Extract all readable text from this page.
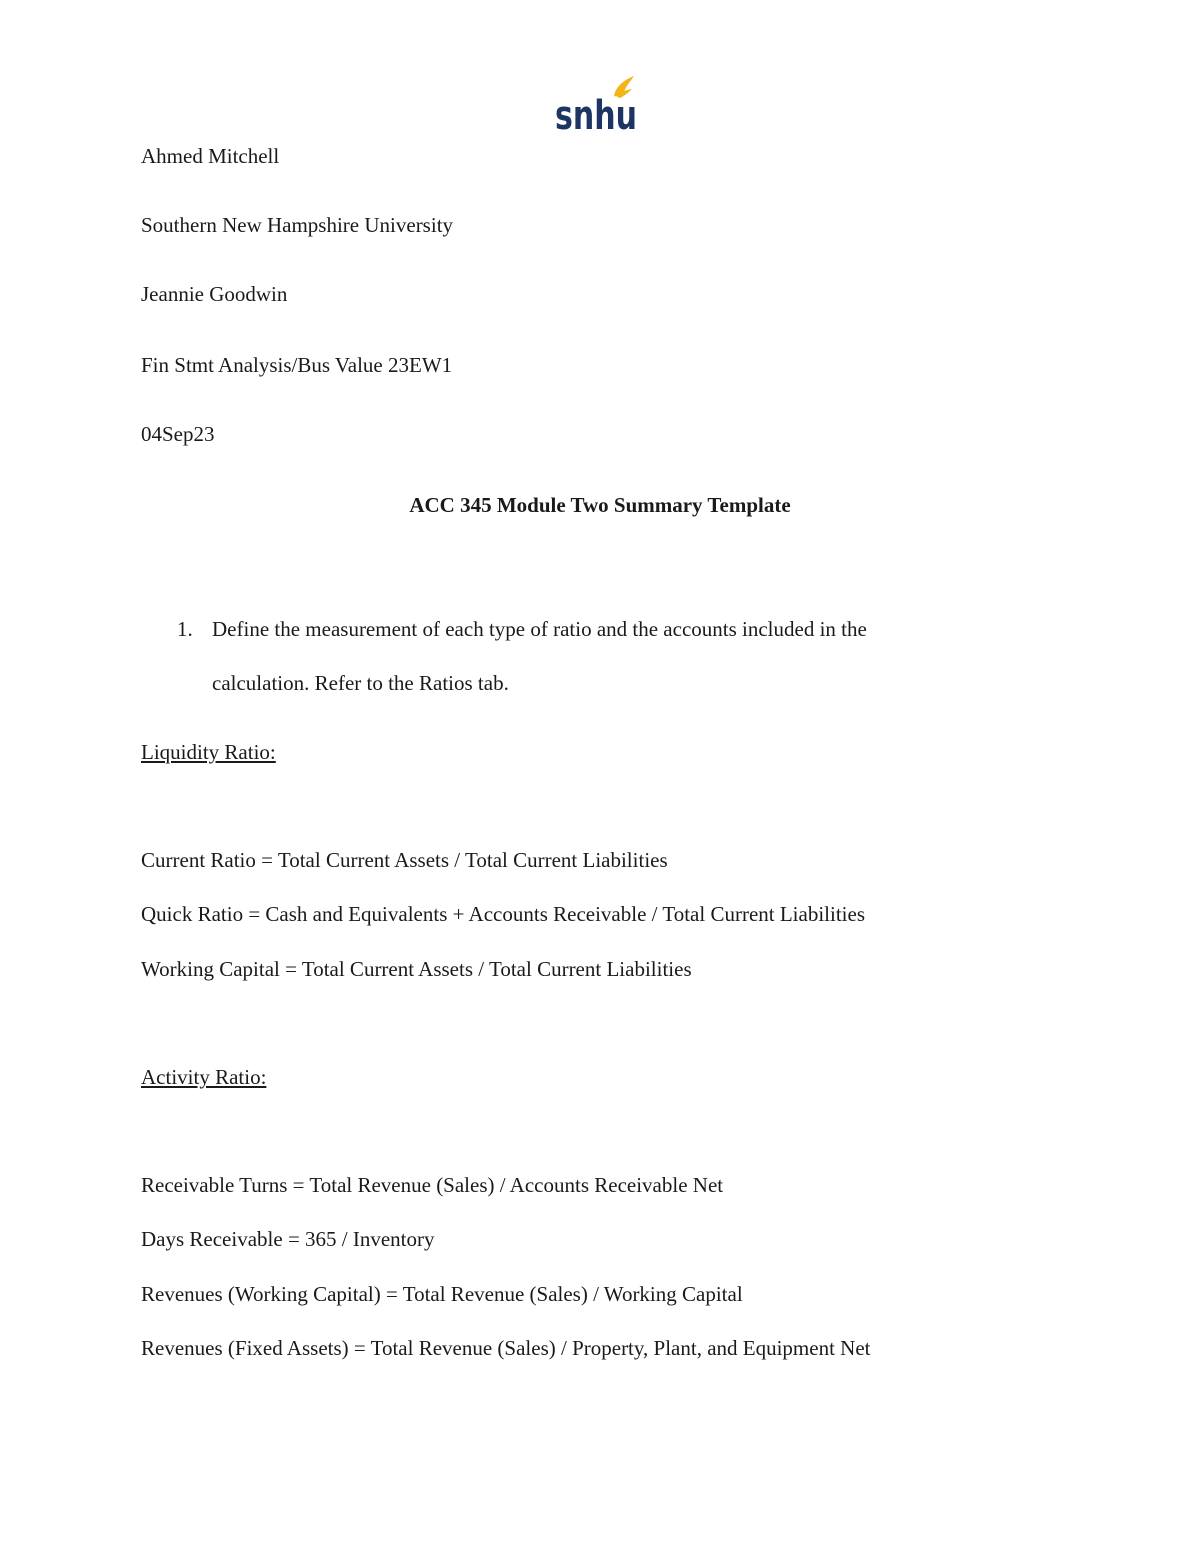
snhu
Ahmed Mitchell
Southern New Hampshire University
Jeannie Goodwin
Fin Stmt Analysis/Bus Value 23EW1
04Sep23
ACC 345 Module Two Summary Template
1. Define the measurement of each type of ratio and the accounts included in the
calculation. Refer to the Ratios tab.
Liquidity Ratio:
Current Ratio = Total Current Assets / Total Current Liabilities
Quick Ratio = Cash and Equivalents + Accounts Receivable / Total Current Liabilities
Working Capital = Total Current Assets / Total Current Liabilities
Activity Ratio:
Receivable Turns = Total Revenue (Sales) / Accounts Receivable Net
Days Receivable = 365 / Inventory
Revenues (Working Capital) = Total Revenue (Sales) / Working Capital
Revenues (Fixed Assets) = Total Revenue (Sales) / Property, Plant, and Equipment Net
